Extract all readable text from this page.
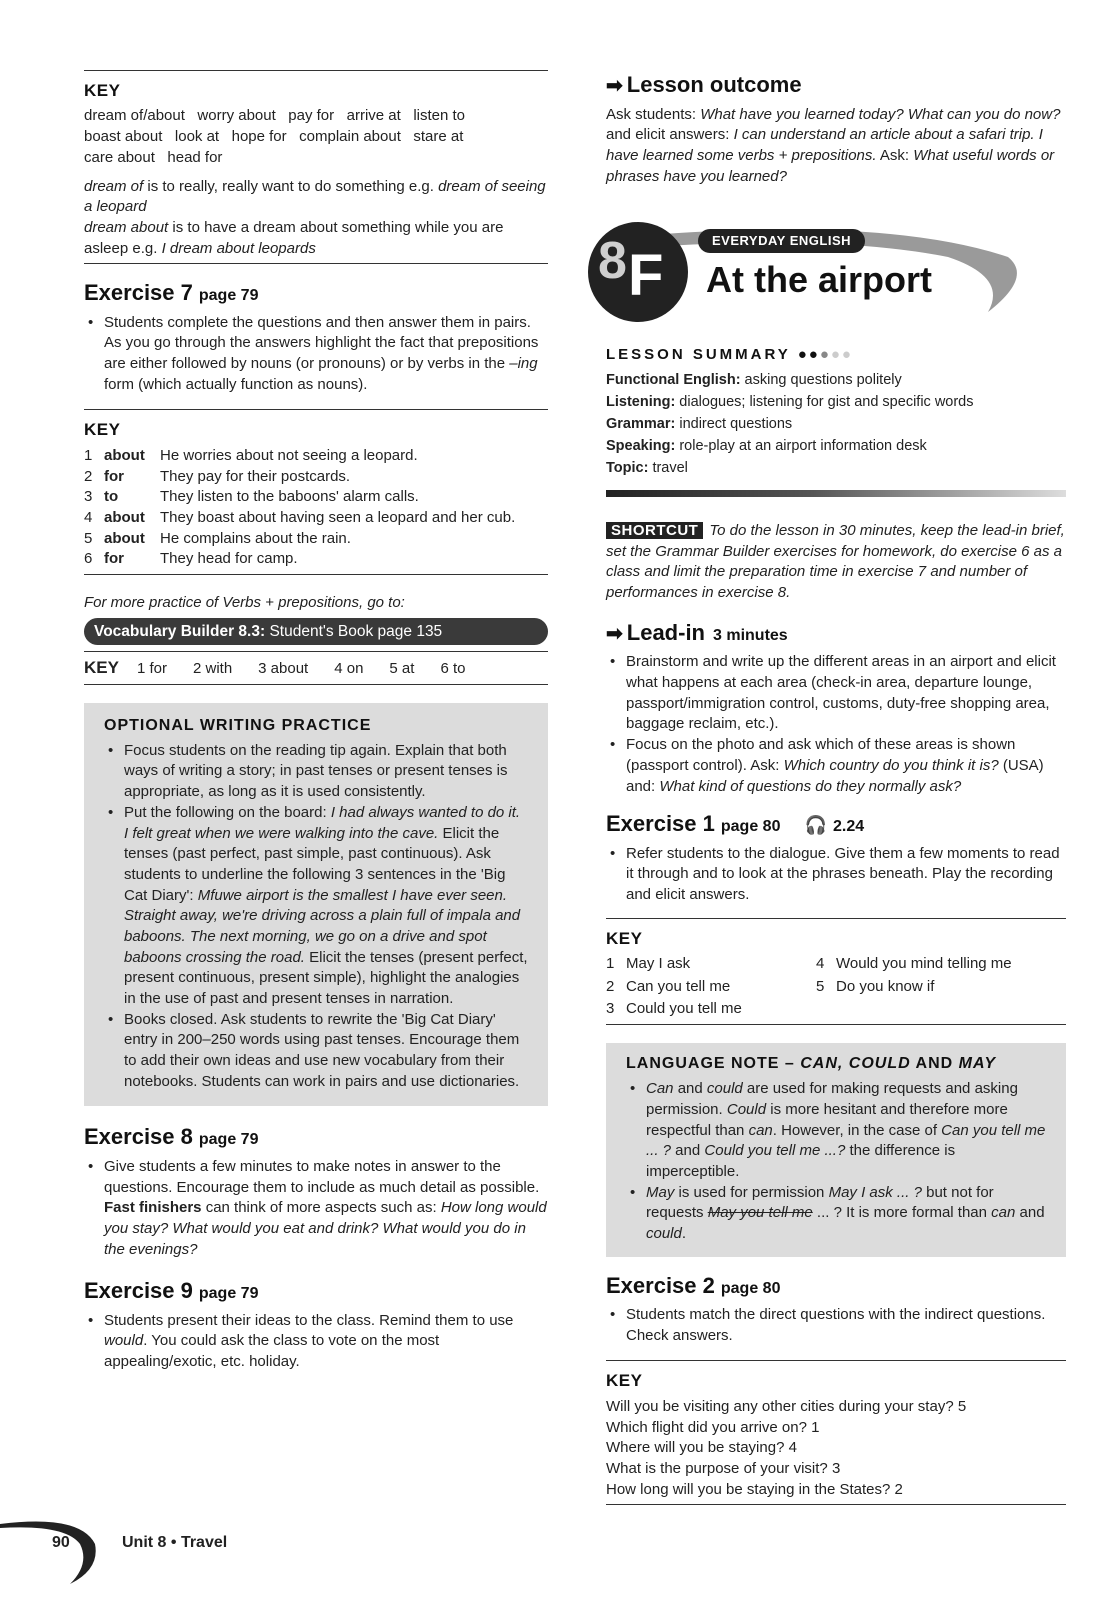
KEY

dream of/about   worry about   pay for   arrive at   listen to

boast about   look at   hope for   complain about   stare at

care about   head for

dream of is to really, really want to do something e.g. dream of seeing a leopard

dream about is to have a dream about something while you are asleep e.g. I dream about leopards

Exercise 7 page 79
• Students complete the questions and then answer them in pairs. As you go through the answers highlight the fact that prepositions are either followed by nouns (or pronouns) or by verbs in the –ing form (which actually function as nouns).
KEY
1 about	He worries about not seeing a leopard.
2 for	They pay for their postcards.
3 to	They listen to the baboons' alarm calls.
4 about	They boast about having seen a leopard and her cub.
5 about	He complains about the rain.
6 for	They head for camp.

For more practice of Verbs + prepositions, go to:

Vocabulary Builder 8.3: Student's Book page 135
KEY 1 for 2 with 3 about 4 on 5 at 6 to
OPTIONAL WRITING PRACTICE
• Focus students on the reading tip again. Explain that both ways of writing a story; in past tenses or present tenses is appropriate, as long as it is used consistently.
• Put the following on the board: I had always wanted to do it. I felt great when we were walking into the cave. Elicit the tenses (past perfect, past simple, past continuous). Ask students to underline the following 3 sentences in the 'Big Cat Diary': Mfuwe airport is the smallest I have ever seen. Straight away, we're driving across a plain full of impala and baboons. The next morning, we go on a drive and spot baboons crossing the road. Elicit the tenses (present perfect, present continuous, present simple), highlight the analogies in the use of past and present tenses in narration.
• Books closed. Ask students to rewrite the 'Big Cat Diary' entry in 200–250 words using past tenses. Encourage them to add their own ideas and use new vocabulary from their notebooks. Students can work in pairs and use dictionaries.
Exercise 8 page 79
• Give students a few minutes to make notes in answer to the questions. Encourage them to include as much detail as possible. Fast finishers can think of more aspects such as: How long would you stay? What would you eat and drink? What would you do in the evenings?
Exercise 9 page 79
• Students present their ideas to the class. Remind them to use would. You could ask the class to vote on the most appealing/exotic, etc. holiday.
➡ Lesson outcome

Ask students: What have you learned today? What can you do now? and elicit answers: I can understand an article about a safari trip. I have learned some verbs + prepositions. Ask: What useful words or phrases have you learned?

8 F
EVERYDAY ENGLISH
At the airport
LESSON SUMMARY ●●●●●

Functional English: asking questions politely

Listening: dialogues; listening for gist and specific words

Grammar: indirect questions

Speaking: role-play at an airport information desk

Topic: travel

SHORTCUT To do the lesson in 30 minutes, keep the lead-in brief, set the Grammar Builder exercises for homework, do exercise 6 as a class and limit the preparation time in exercise 7 and number of performances in exercise 8.

➡ Lead-in 3 minutes
• Brainstorm and write up the different areas in an airport and elicit what happens at each area (check-in area, departure lounge, passport/immigration control, customs, duty-free shopping area, baggage reclaim, etc.).
• Focus on the photo and ask which of these areas is shown (passport control). Ask: Which country do you think it is? (USA) and: What kind of questions do they normally ask?
Exercise 1 page 80 🎧 2.24
• Refer students to the dialogue. Give them a few moments to read it through and to look at the phrases beneath. Play the recording and elicit answers.
KEY
1 May I ask	4 Would you mind telling me
2 Can you tell me	5 Do you know if
3 Could you tell me
LANGUAGE NOTE – CAN, COULD AND MAY
• Can and could are used for making requests and asking permission. Could is more hesitant and therefore more respectful than can. However, in the case of Can you tell me ... ? and Could you tell me ...? the difference is imperceptible.
• May is used for permission May I ask ... ? but not for requests May you tell me ... ? It is more formal than can and could.
Exercise 2 page 80
• Students match the direct questions with the indirect questions. Check answers.
KEY

Will you be visiting any other cities during your stay? 5

Which flight did you arrive on? 1

Where will you be staying? 4

What is the purpose of your visit? 3

How long will you be staying in the States? 2

90	Unit 8 • Travel
